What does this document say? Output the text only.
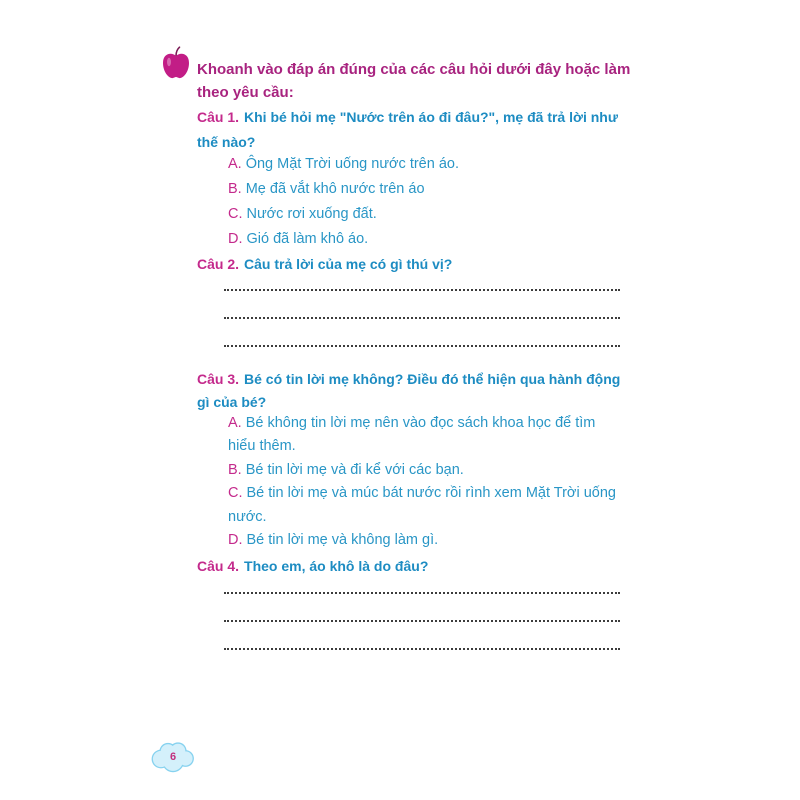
Khoanh vào đáp án đúng của các câu hỏi dưới đây hoặc làm
theo yêu cầu:
Câu 1. Khi bé hỏi mẹ "Nước trên áo đi đâu?", mẹ đã trả lời như
thế nào?
A. Ông Mặt Trời uống nước trên áo.
B. Mẹ đã vắt khô nước trên áo
C. Nước rơi xuống đất.
D. Gió đã làm khô áo.
Câu 2. Câu trả lời của mẹ có gì thú vị?
Câu 3. Bé có tin lời mẹ không? Điều đó thể hiện qua hành động
gì của bé?
A. Bé không tin lời mẹ nên vào đọc sách khoa học để tìm
hiểu thêm.
B. Bé tin lời mẹ và đi kể với các bạn.
C. Bé tin lời mẹ và múc bát nước rồi rình xem Mặt Trời uống
nước.
D. Bé tin lời mẹ và không làm gì.
Câu 4. Theo em, áo khô là do đâu?
6
